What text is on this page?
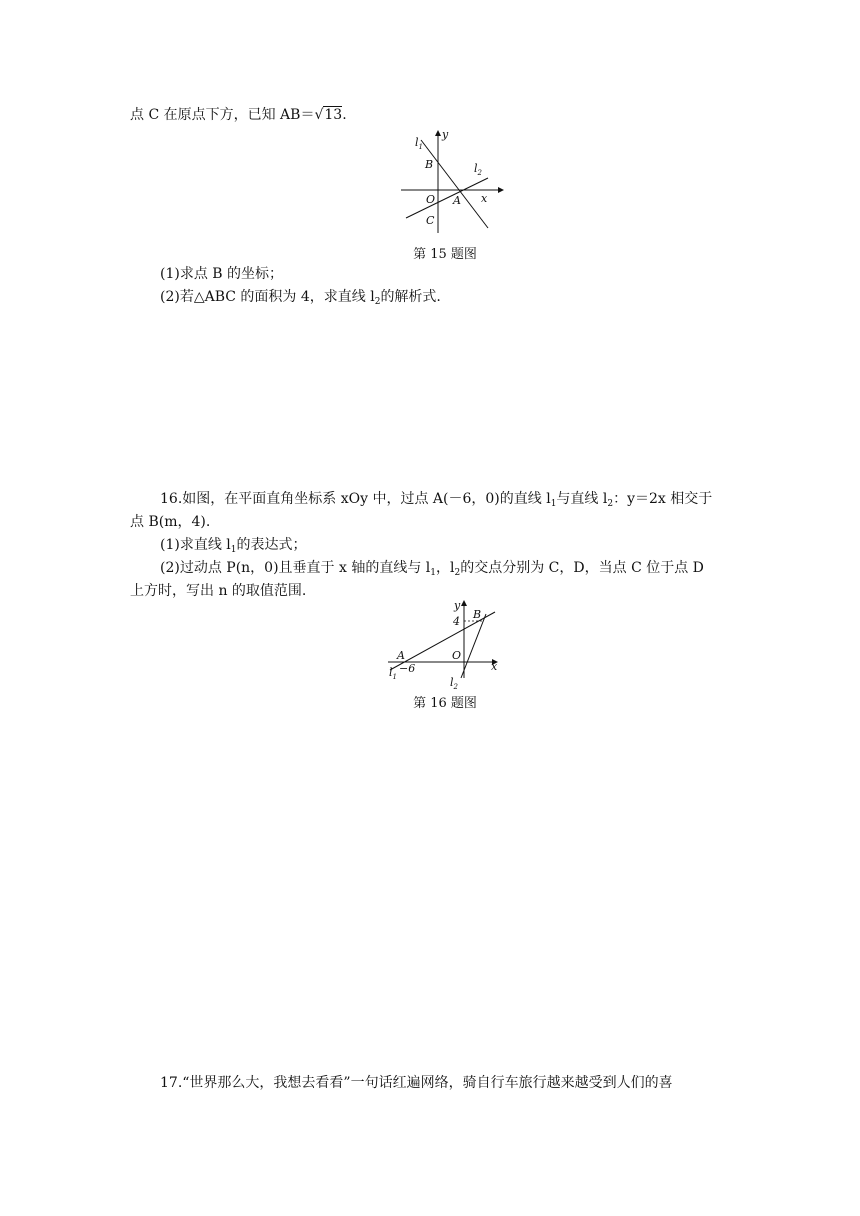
点 C 在原点下方，已知 AB＝√13.
$l_1$
y
B	$l_2$
O A x
C
第 15 题图
(1)求点 B 的坐标；
(2)若△ABC 的面积为 4，求直线 $l_2$的解析式.
16.如图，在平面直角坐标系 xOy 中，过点 A(－6，0)的直线 $l_1$与直线 $l_2$：y＝2x 相交于
点 B(m，4).
(1)求直线 $l_1$的表达式；
(2)过动点 P(n，0)且垂直于 x 轴的直线与 $l_1$，$l_2$的交点分别为 C，D，当点 C 位于点 D
上方时，写出 n 的取值范围.
y
B
4
A	O
x
$l_1$
−6
$l_2$
第 16 题图
17.“世界那么大，我想去看看”一句话红遍网络，骑自行车旅行越来越受到人们的喜
